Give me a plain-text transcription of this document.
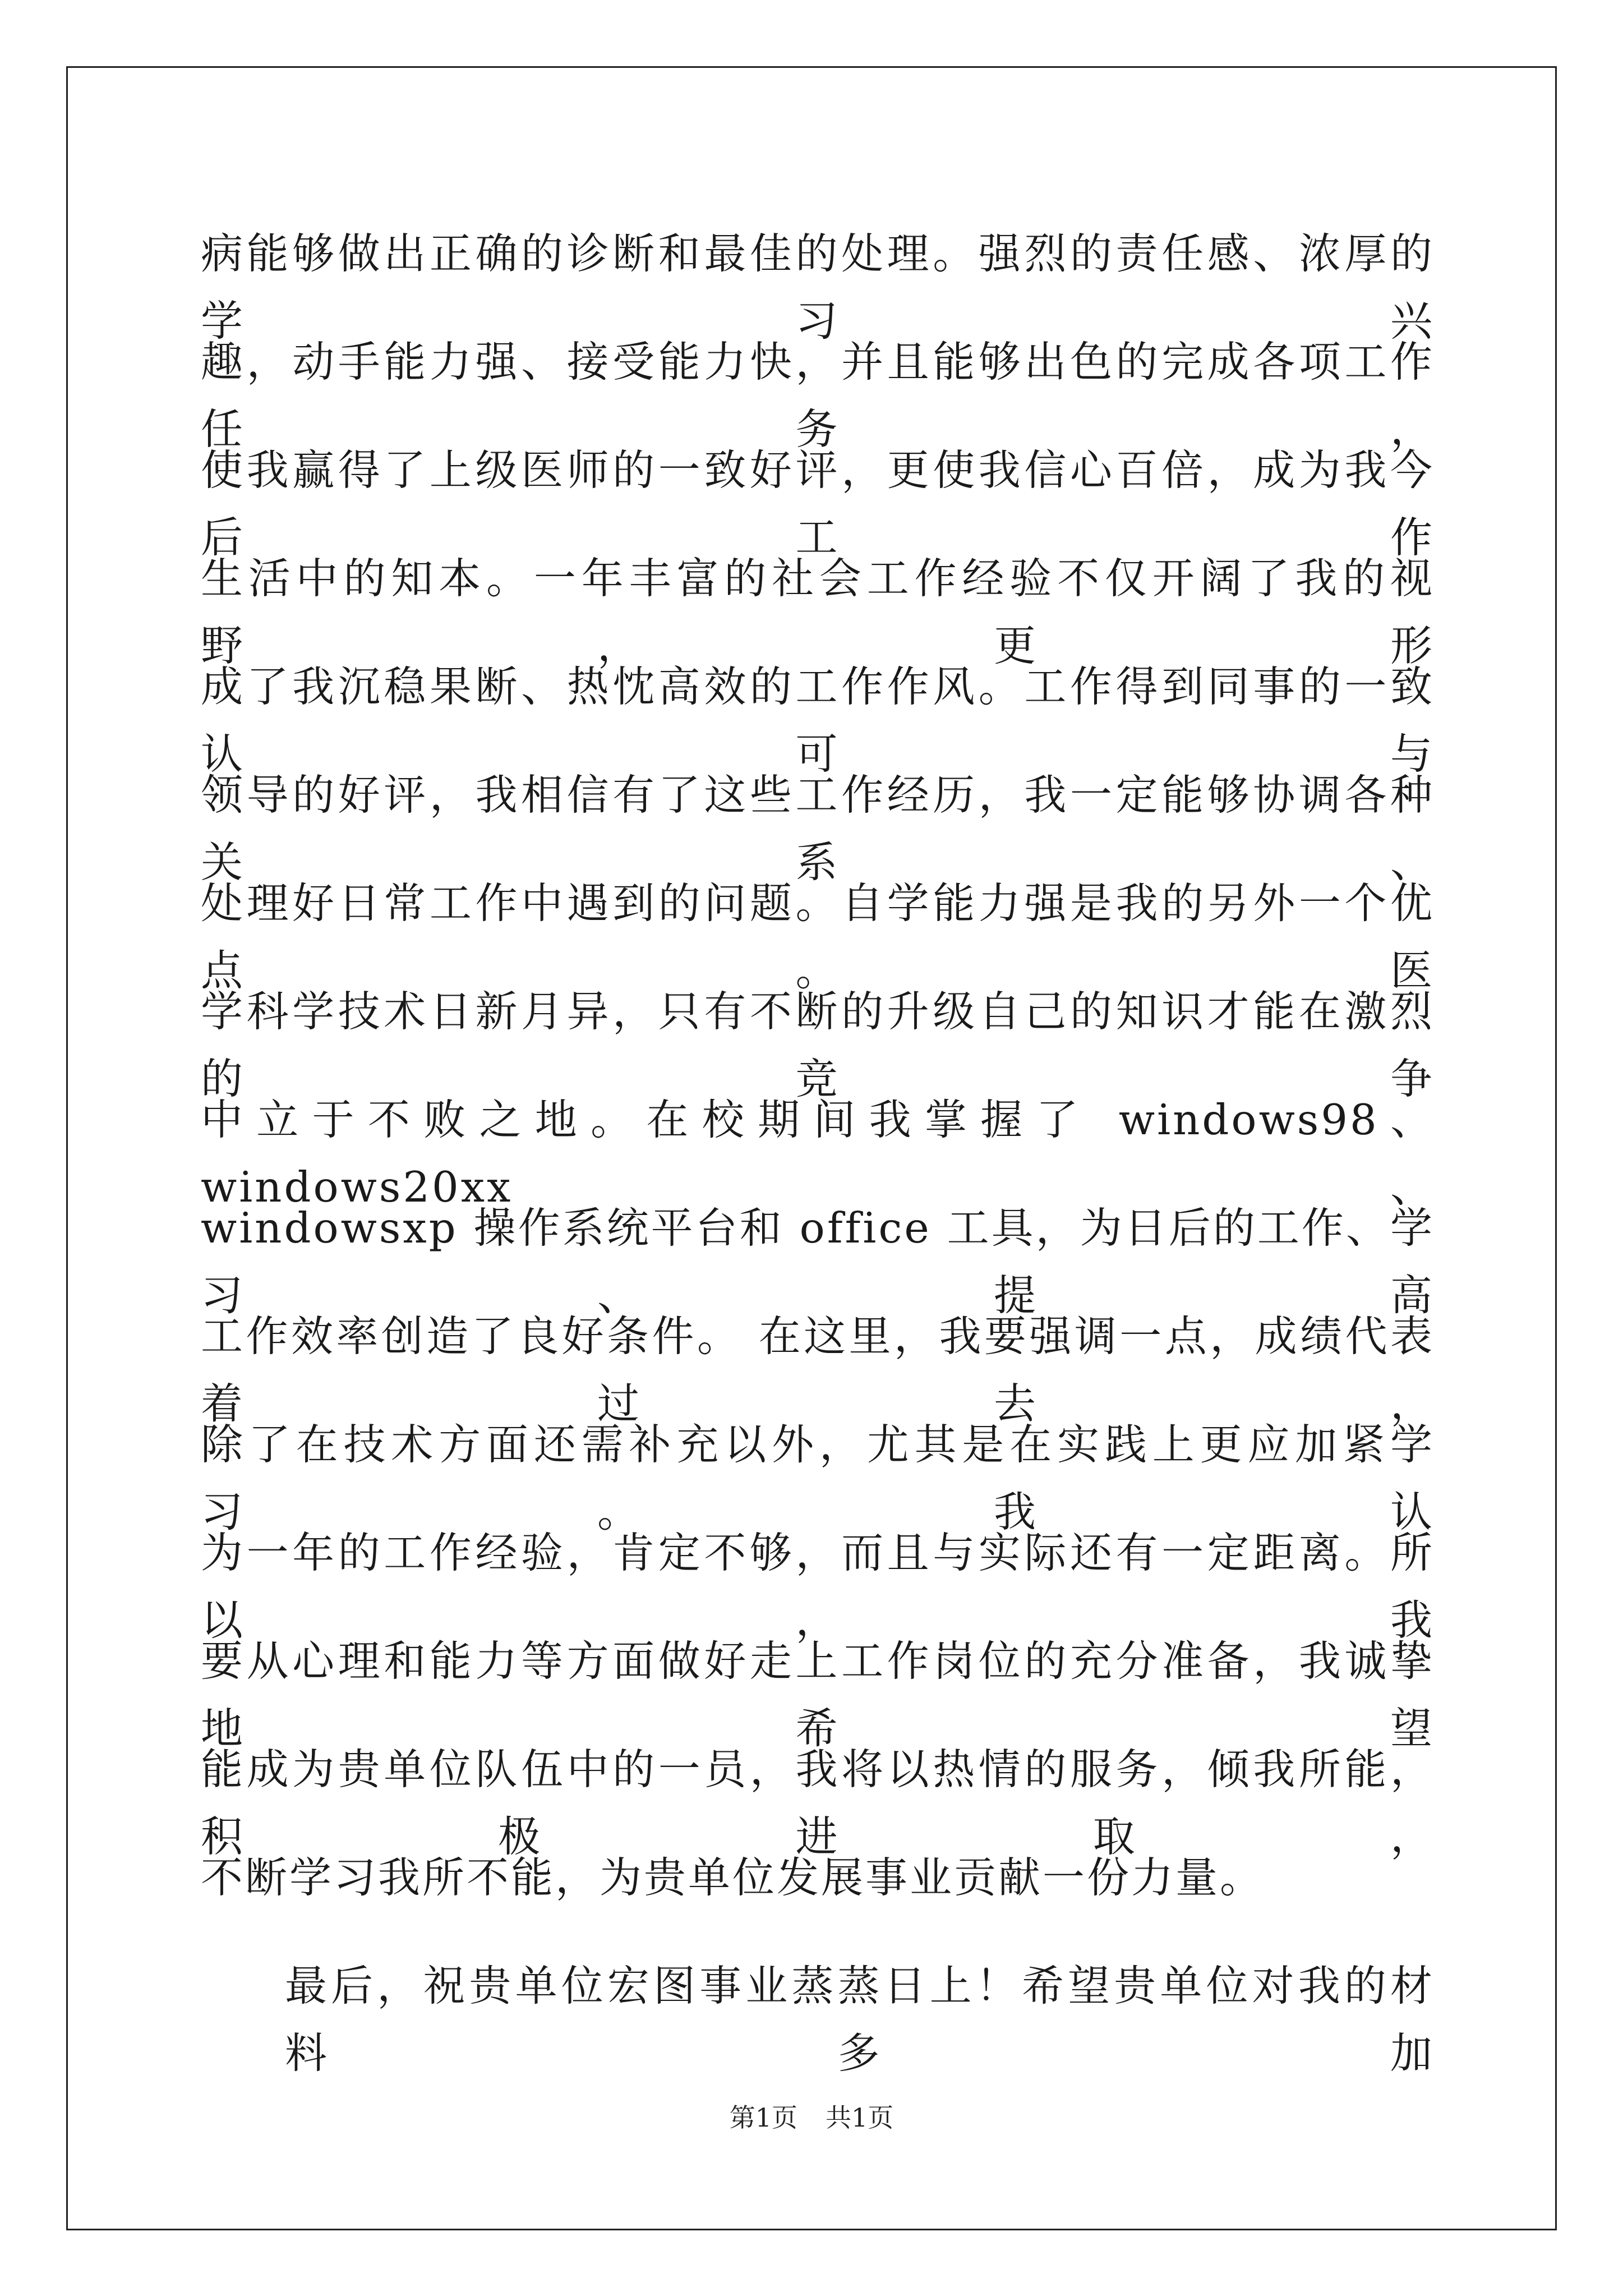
病能够做出正确的诊断和最佳的处理。强烈的责任感、浓厚的学习兴
趣，动手能力强、接受能力快，并且能够出色的完成各项工作任务，
使我赢得了上级医师的一致好评，更使我信心百倍，成为我今后工作
生活中的知本。一年丰富的社会工作经验不仅开阔了我的视野，更形
成了我沉稳果断、热忱高效的工作作风。工作得到同事的一致认可与
领导的好评，我相信有了这些工作经历，我一定能够协调各种关系、
处理好日常工作中遇到的问题。自学能力强是我的另外一个优点。医
学科学技术日新月异，只有不断的升级自己的知识才能在激烈的竞争
中立于不败之地。在校期间我掌握了 windows98、windows20xx、
windowsxp 操作系统平台和 office 工具，为日后的工作、学习、提高
工作效率创造了良好条件。 在这里，我要强调一点，成绩代表着过去，
除了在技术方面还需补充以外，尤其是在实践上更应加紧学习。我认
为一年的工作经验，肯定不够，而且与实际还有一定距离。所以，我
要从心理和能力等方面做好走上工作岗位的充分准备，我诚挚地希望
能成为贵单位队伍中的一员，我将以热情的服务，倾我所能，积极进取，
不断学习我所不能，为贵单位发展事业贡献一份力量。
最后，祝贵单位宏图事业蒸蒸日上！希望贵单位对我的材料多加
第1页 共1页
